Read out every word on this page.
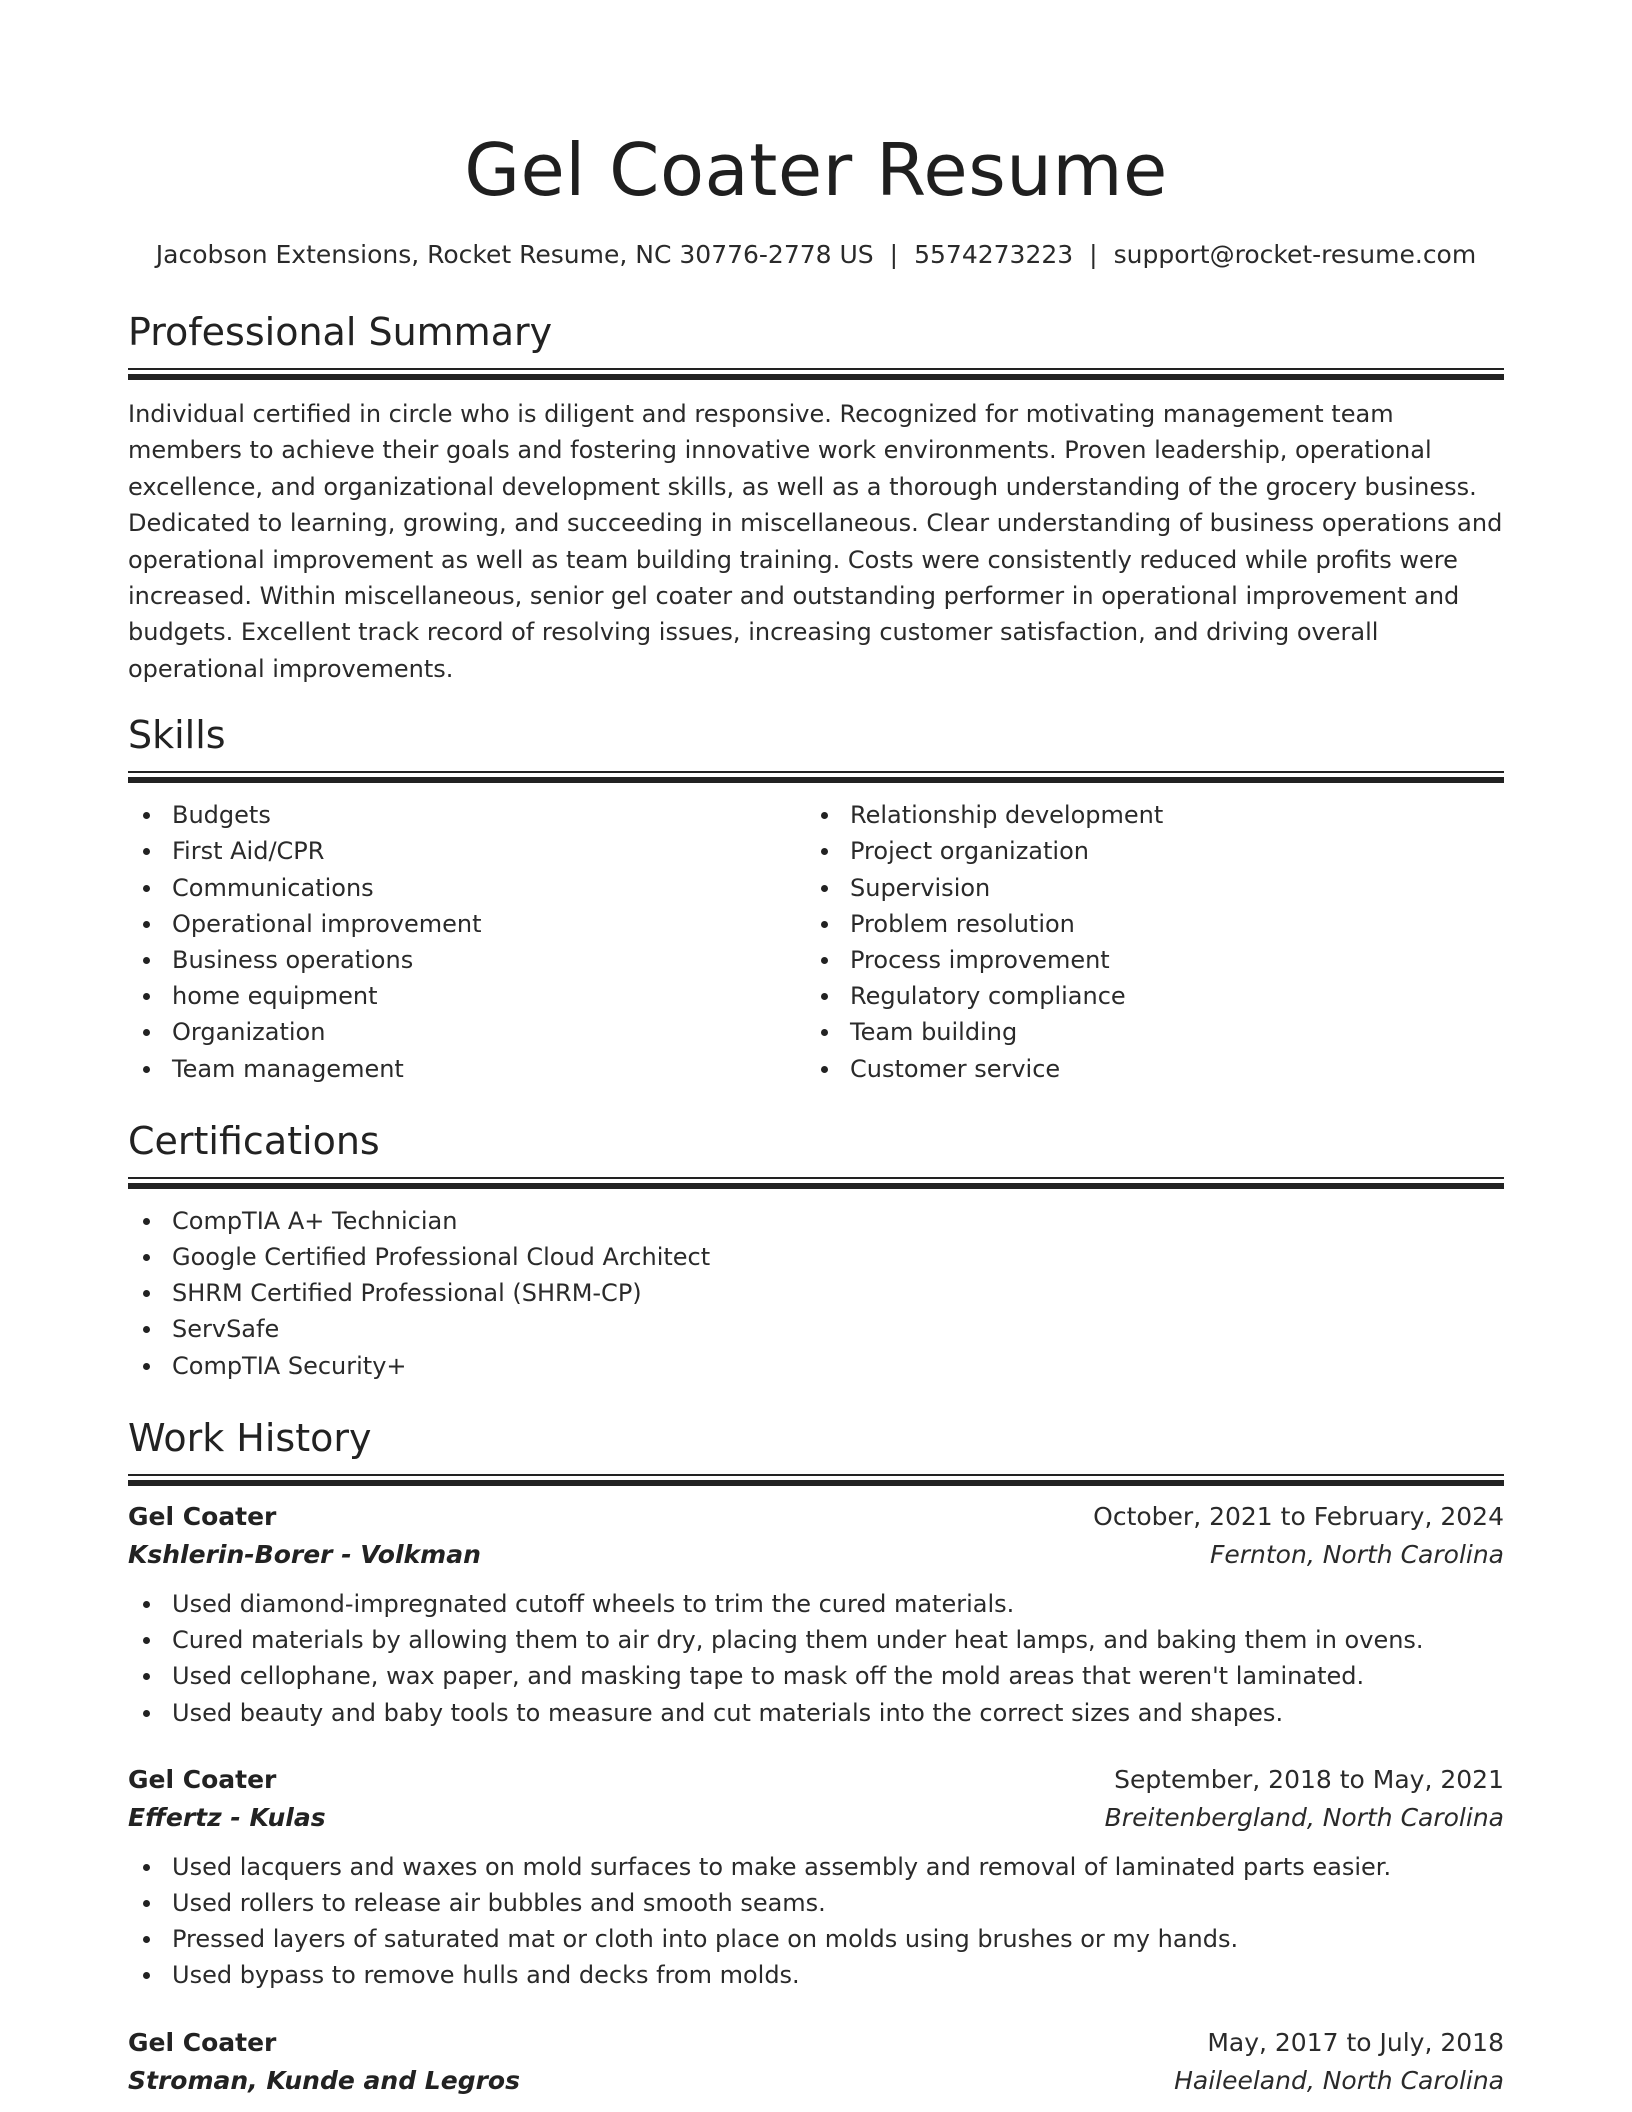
Gel Coater Resume
Jacobson Extensions, Rocket Resume, NC 30776-2778 US | 5574273223 | support@rocket-resume.com
Professional Summary

Individual certified in circle who is diligent and responsive. Recognized for motivating management team members to achieve their goals and fostering innovative work environments. Proven leadership, operational excellence, and organizational development skills, as well as a thorough understanding of the grocery business. Dedicated to learning, growing, and succeeding in miscellaneous. Clear understanding of business operations and operational improvement as well as team building training. Costs were consistently reduced while profits were increased. Within miscellaneous, senior gel coater and outstanding performer in operational improvement and budgets. Excellent track record of resolving issues, increasing customer satisfaction, and driving overall operational improvements.

Skills
Budgets
First Aid/CPR
Communications
Operational improvement
Business operations
home equipment
Organization
Team management
Relationship development
Project organization
Supervision
Problem resolution
Process improvement
Regulatory compliance
Team building
Customer service
Certifications
CompTIA A+ Technician
Google Certified Professional Cloud Architect
SHRM Certified Professional (SHRM-CP)
ServSafe
CompTIA Security+
Work History
Gel Coater	October, 2021 to February, 2024
Kshlerin-Borer - Volkman	Fernton, North Carolina
Used diamond-impregnated cutoff wheels to trim the cured materials.
Cured materials by allowing them to air dry, placing them under heat lamps, and baking them in ovens.
Used cellophane, wax paper, and masking tape to mask off the mold areas that weren't laminated.
Used beauty and baby tools to measure and cut materials into the correct sizes and shapes.
Gel Coater	September, 2018 to May, 2021
Effertz - Kulas	Breitenbergland, North Carolina
Used lacquers and waxes on mold surfaces to make assembly and removal of laminated parts easier.
Used rollers to release air bubbles and smooth seams.
Pressed layers of saturated mat or cloth into place on molds using brushes or my hands.
Used bypass to remove hulls and decks from molds.
Gel Coater	May, 2017 to July, 2018
Stroman, Kunde and Legros	Haileeland, North Carolina
